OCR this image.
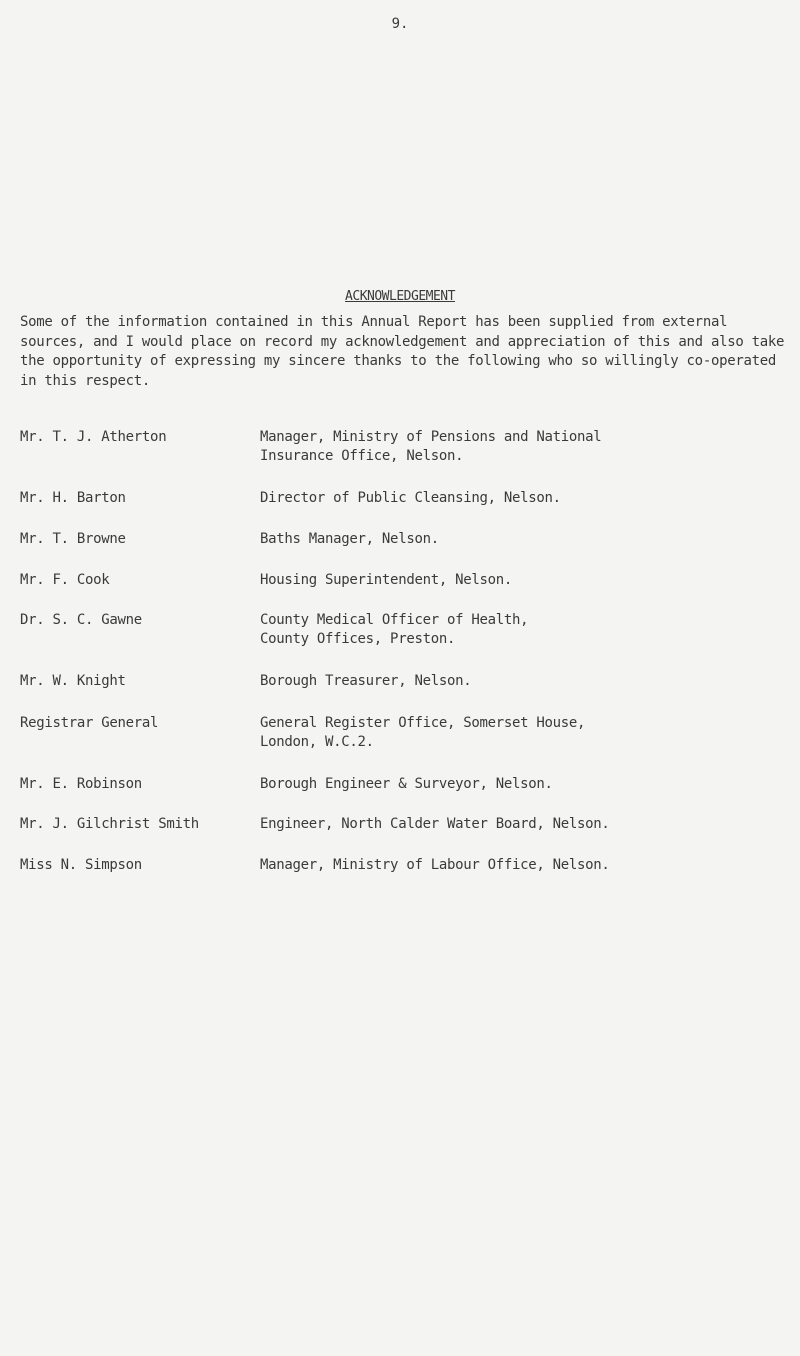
9.
ACKNOWLEDGEMENT

Some of the information contained in this Annual Report has been supplied from external sources, and I would place on record my acknowledgement and appreciation of this and also take the opportunity of expressing my sincere thanks to the following who so willingly co-operated in this respect.

Mr. T. J. Atherton	Manager, Ministry of Pensions and National
Insurance Office, Nelson.
Mr. H. Barton	Director of Public Cleansing, Nelson.
Mr. T. Browne	Baths Manager, Nelson.
Mr. F. Cook	Housing Superintendent, Nelson.
Dr. S. C. Gawne	County Medical Officer of Health,
County Offices, Preston.
Mr. W. Knight	Borough Treasurer, Nelson.
Registrar General	General Register Office, Somerset House,
London, W.C.2.
Mr. E. Robinson	Borough Engineer & Surveyor, Nelson.
Mr. J. Gilchrist Smith	Engineer, North Calder Water Board, Nelson.
Miss N. Simpson	Manager, Ministry of Labour Office, Nelson.
